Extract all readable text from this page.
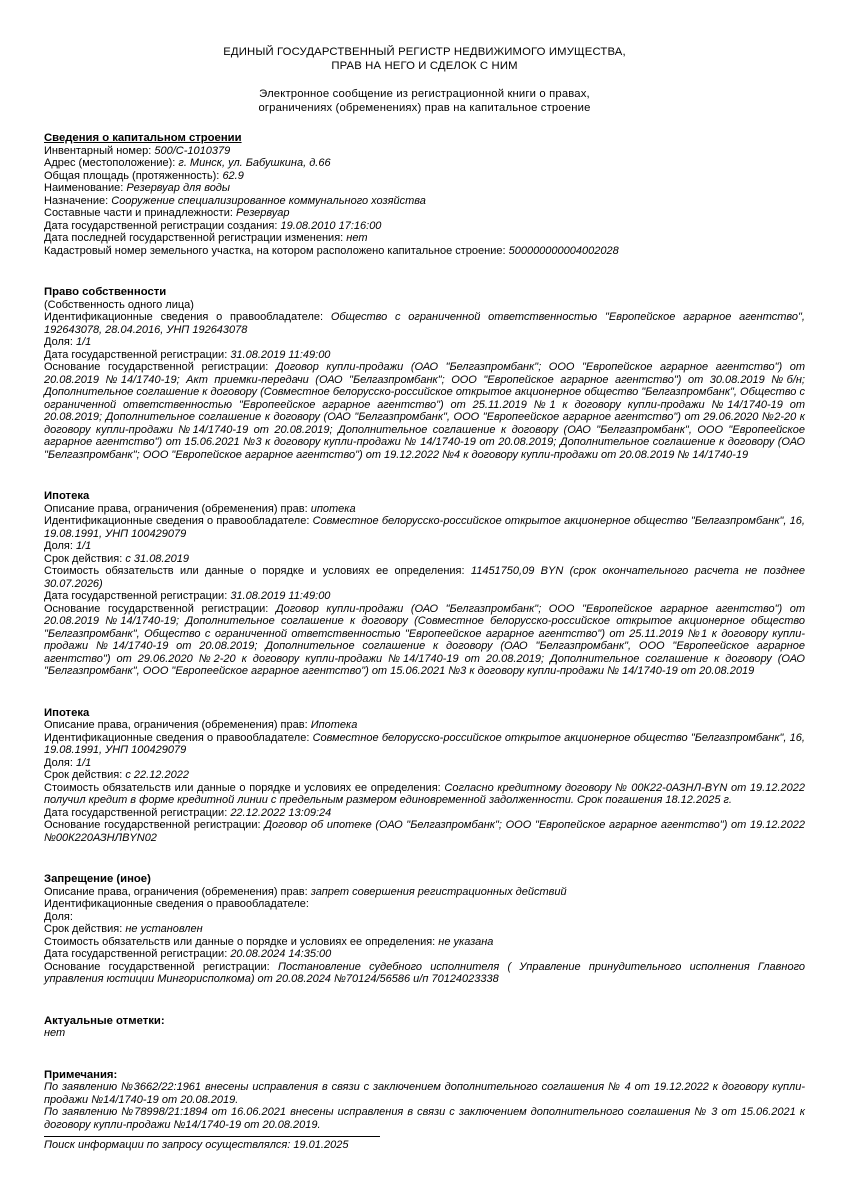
ЕДИНЫЙ ГОСУДАРСТВЕННЫЙ РЕГИСТР НЕДВИЖИМОГО ИМУЩЕСТВА,
ПРАВ НА НЕГО И СДЕЛОК С НИМ
Электронное сообщение из регистрационной книги о правах,
ограничениях (обременениях) прав на капитальное строение
Сведения о капитальном строении
Инвентарный номер: 500/С-1010379
Адрес (местоположение): г. Минск, ул. Бабушкина, д.66
Общая площадь (протяженность): 62.9
Наименование: Резервуар для воды
Назначение: Сооружение специализированное коммунального хозяйства
Составные части и принадлежности: Резервуар
Дата государственной регистрации создания: 19.08.2010 17:16:00
Дата последней государственной регистрации изменения: нет
Кадастровый номер земельного участка, на котором расположено капитальное строение: 500000000004002028
Право собственности
(Собственность одного лица)
Идентификационные сведения о правообладателе: Общество с ограниченной ответственностью "Европейское аграрное агентство", 192643078, 28.04.2016, УНП 192643078
Доля: 1/1
Дата государственной регистрации: 31.08.2019 11:49:00
Основание государственной регистрации: Договор купли-продажи (ОАО "Белгазпромбанк"; ООО "Европейское аграрное агентство") от 20.08.2019 №14/1740-19; Акт приемки-передачи (ОАО "Белгазпромбанк"; ООО "Европейское аграрное агентство") от 30.08.2019 №б/н; Дополнительное соглашение к договору (Совместное белорусско-российское открытое акционерное общество "Белгазпромбанк", Общество с ограниченной ответственностью "Европеейское аграрное агентство") от 25.11.2019 №1 к договору купли-продажи №14/1740-19 от 20.08.2019; Дополнительное соглашение к договору (ОАО "Белгазпромбанк", ООО "Европеейское аграрное агентство") от 29.06.2020 №2-20 к договору купли-продажи №14/1740-19 от 20.08.2019; Дополнительное соглашение к договору (ОАО "Белгазпромбанк", ООО "Европеейское аграрное агентство") от 15.06.2021 №3 к договору купли-продажи № 14/1740-19 от 20.08.2019; Дополнительное соглашение к договору (ОАО "Белгазпромбанк"; ООО "Европейское аграрное агентство") от 19.12.2022 №4 к договору купли-продажи от 20.08.2019 № 14/1740-19
Ипотека
Описание права, ограничения (обременения) прав: ипотека
Идентификационные сведения о правообладателе: Совместное белорусско-российское открытое акционерное общество "Белгазпромбанк", 16, 19.08.1991, УНП 100429079
Доля: 1/1
Срок действия: с 31.08.2019
Стоимость обязательств или данные о порядке и условиях ее определения: 11451750,09 BYN (срок окончательного расчета не позднее 30.07.2026)
Дата государственной регистрации: 31.08.2019 11:49:00
Основание государственной регистрации: Договор купли-продажи (ОАО "Белгазпромбанк"; ООО "Европейское аграрное агентство") от 20.08.2019 №14/1740-19; Дополнительное соглашение к договору (Совместное белорусско-российское открытое акционерное общество "Белгазпромбанк", Общество с ограниченной ответственностью "Европеейское аграрное агентство") от 25.11.2019 №1 к договору купли-продажи №14/1740-19 от 20.08.2019; Дополнительное соглашение к договору (ОАО "Белгазпромбанк", ООО "Европеейское аграрное агентство") от 29.06.2020 №2-20 к договору купли-продажи №14/1740-19 от 20.08.2019; Дополнительное соглашение к договору (ОАО "Белгазпромбанк", ООО "Европеейское аграрное агентство") от 15.06.2021 №3 к договору купли-продажи № 14/1740-19 от 20.08.2019
Ипотека
Описание права, ограничения (обременения) прав: Ипотека
Идентификационные сведения о правообладателе: Совместное белорусско-российское открытое акционерное общество "Белгазпромбанк", 16, 19.08.1991, УНП 100429079
Доля: 1/1
Срок действия: с 22.12.2022
Стоимость обязательств или данные о порядке и условиях ее определения: Согласно кредитному договору № 00К22-0АЗНЛ-BYN от 19.12.2022 получил кредит в форме кредитной линии с предельным размером единовременной задолженности. Срок погашения 18.12.2025 г.
Дата государственной регистрации: 22.12.2022 13:09:24
Основание государственной регистрации: Договор об ипотеке (ОАО "Белгазпромбанк"; ООО "Европейское аграрное агентство") от 19.12.2022 №00К220АЗНЛBYN02
Запрещение (иное)
Описание права, ограничения (обременения) прав: запрет совершения регистрационных действий
Идентификационные сведения о правообладателе:
Доля:
Срок действия: не установлен
Стоимость обязательств или данные о порядке и условиях ее определения: не указана
Дата государственной регистрации: 20.08.2024 14:35:00
Основание государственной регистрации: Постановление судебного исполнителя ( Управление принудительного исполнения Главного управления юстиции Мингорисполкома) от 20.08.2024 №70124/56586 и/п 70124023338
Актуальные отметки:
нет
Примечания:
По заявлению №3662/22:1961 внесены исправления в связи с заключением дополнительного соглашения № 4 от 19.12.2022 к договору купли-продажи №14/1740-19 от 20.08.2019.
По заявлению №78998/21:1894 от 16.06.2021 внесены исправления в связи с заключением дополнительного соглашения № 3 от 15.06.2021 к договору купли-продажи №14/1740-19 от 20.08.2019.
Поиск информации по запросу осуществлялся: 19.01.2025
